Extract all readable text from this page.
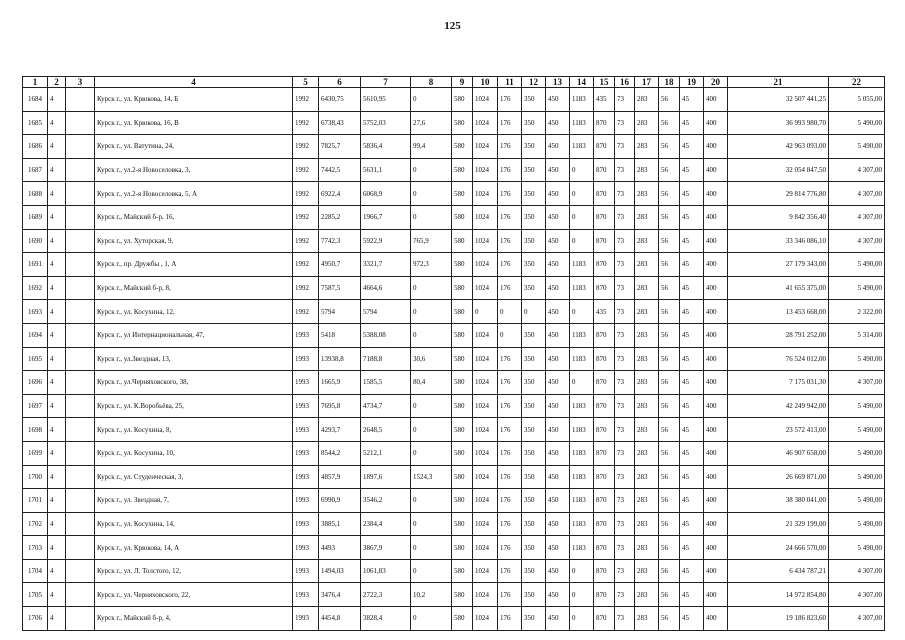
125
1	2	3	4	5	6	7	8	9	10	11	12	13	14	15	16	17	18	19	20	21	22
1684	4		Курск г., ул. Крюкова, 14, Б	1992	6430,75	5610,95	0	580	1024	176	350	450	1183	435	73	283	56	45	400	32 507 441,25	5 055,00
1685	4		Курск г., ул. Крюкова, 16, В	1992	6738,43	5752,03	27,6	580	1024	176	350	450	1183	870	73	283	56	45	400	36 993 980,70	5 490,00
1686	4		Курск г., ул. Ватутина, 24,	1992	7825,7	5836,4	99,4	580	1024	176	350	450	1183	870	73	283	56	45	400	42 963 093,00	5 490,00
1687	4		Курск г., ул.2-я Новоселовка, 3,	1992	7442,5	5631,1	0	580	1024	176	350	450	0	870	73	283	56	45	400	32 054 847,50	4 307,00
1688	4		Курск г., ул.2-я Новоселовка, 5, А	1992	6922,4	6068,9	0	580	1024	176	350	450	0	870	73	283	56	45	400	29 814 776,80	4 307,00
1689	4		Курск г., Майский б-р, 16,	1992	2285,2	1966,7	0	580	1024	176	350	450	0	870	73	283	56	45	400	9 842 356,40	4 307,00
1690	4		Курск г., ул. Хуторская, 9,	1992	7742,3	5922,9	765,9	580	1024	176	350	450	0	870	73	283	56	45	400	33 346 086,10	4 307,00
1691	4		Курск г., пр. Дружбы , 1, А	1992	4950,7	3321,7	972,3	580	1024	176	350	450	1183	870	73	283	56	45	400	27 179 343,00	5 490,00
1692	4		Курск г., Майский б-р, 8,	1992	7587,5	4664,6	0	580	1024	176	350	450	1183	870	73	283	56	45	400	41 655 375,00	5 490,00
1693	4		Курск г., ул. Косухина, 12,	1992	5794	5794	0	580	0	0	0	450	0	435	73	283	56	45	400	13 453 668,00	2 322,00
1694	4		Курск г., ул Интернациональная, 47,	1993	5418	5388,08	0	580	1024	0	350	450	1183	870	73	283	56	45	400	28 791 252,00	5 314,00
1695	4		Курск г., ул.Звездная, 13,	1993	13938,8	7188,8	30,6	580	1024	176	350	450	1183	870	73	283	56	45	400	76 524 012,00	5 490,00
1696	4		Курск г., ул.Черняховского, 38,	1993	1665,9	1585,5	80,4	580	1024	176	350	450	0	870	73	283	56	45	400	7 175 031,30	4 307,00
1697	4		Курск г., ул. К.Воробьёва, 25,	1993	7695,8	4734,7	0	580	1024	176	350	450	1183	870	73	283	56	45	400	42 249 942,00	5 490,00
1698	4		Курск г., ул. Косухина, 8,	1993	4293,7	2648,5	0	580	1024	176	350	450	1183	870	73	283	56	45	400	23 572 413,00	5 490,00
1699	4		Курск г., ул. Косухина, 10,	1993	8544,2	5212,1	0	580	1024	176	350	450	1183	870	73	283	56	45	400	46 907 658,00	5 490,00
1700	4		Курск г., ул. Студенческая, 3,	1993	4857,9	1897,6	1524,3	580	1024	176	350	450	1183	870	73	283	56	45	400	26 669 871,00	5 490,00
1701	4		Курск г., ул. Звездная, 7,	1993	6990,9	3546,2	0	580	1024	176	350	450	1183	870	73	283	56	45	400	38 380 041,00	5 490,00
1702	4		Курск г., ул. Косухина, 14,	1993	3885,1	2384,4	0	580	1024	176	350	450	1183	870	73	283	56	45	400	21 329 199,00	5 490,00
1703	4		Курск г., ул. Крюкова, 14, А	1993	4493	3867,9	0	580	1024	176	350	450	1183	870	73	283	56	45	400	24 666 570,00	5 490,00
1704	4		Курск г., ул. Л. Толстого, 12,	1993	1494,03	1061,83	0	580	1024	176	350	450	0	870	73	283	56	45	400	6 434 787,21	4 307,00
1705	4		Курск г., ул. Черняховского, 22,	1993	3476,4	2722,3	10,2	580	1024	176	350	450	0	870	73	283	56	45	400	14 972 854,80	4 307,00
1706	4		Курск г., Майский б-р, 4,	1993	4454,8	3828,4	0	580	1024	176	350	450	0	870	73	283	56	45	400	19 186 823,60	4 307,00
